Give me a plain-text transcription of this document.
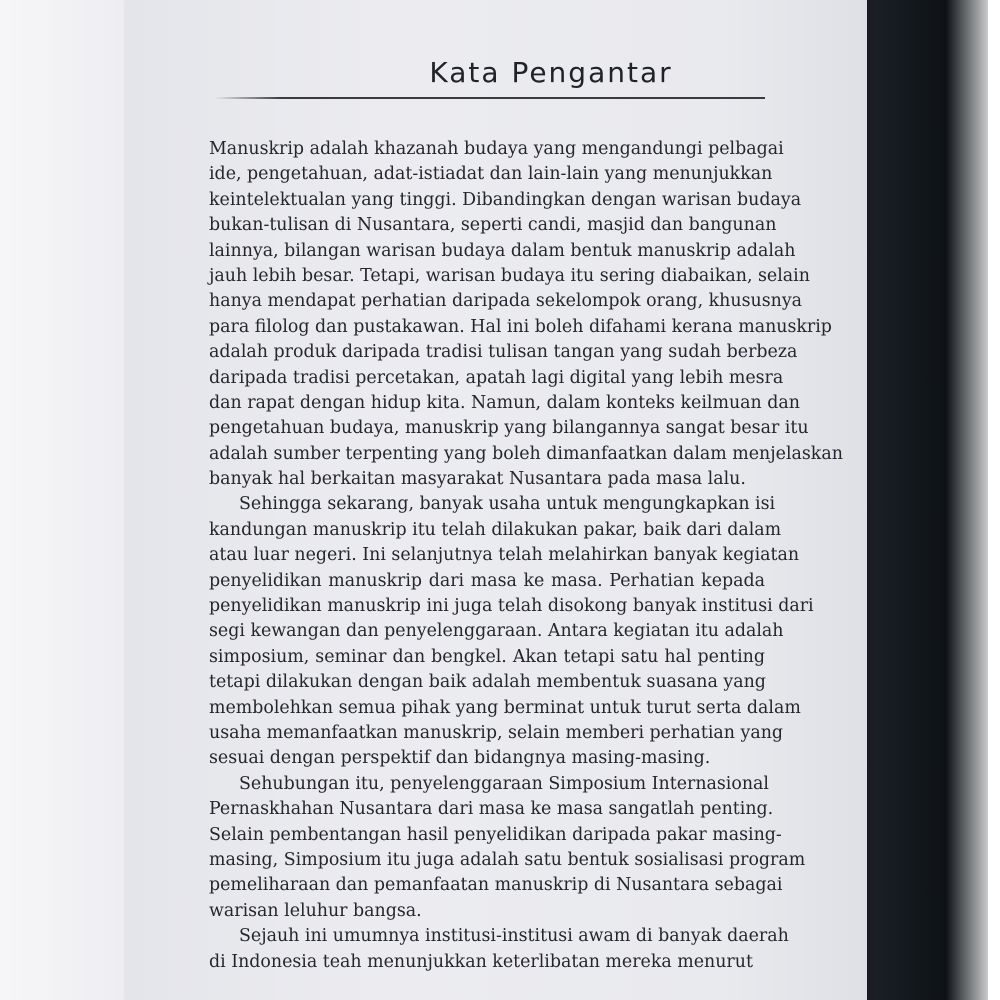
Kata Pengantar
Manuskrip adalah khazanah budaya yang mengandungi pelbagai
ide, pengetahuan, adat-istiadat dan lain-lain yang menunjukkan
keintelektualan yang tinggi. Dibandingkan dengan warisan budaya
bukan-tulisan di Nusantara, seperti candi, masjid dan bangunan
lainnya, bilangan warisan budaya dalam bentuk manuskrip adalah
jauh lebih besar. Tetapi, warisan budaya itu sering diabaikan, selain
hanya mendapat perhatian daripada sekelompok orang, khususnya
para filolog dan pustakawan. Hal ini boleh difahami kerana manuskrip
adalah produk daripada tradisi tulisan tangan yang sudah berbeza
daripada tradisi percetakan, apatah lagi digital yang lebih mesra
dan rapat dengan hidup kita. Namun, dalam konteks keilmuan dan
pengetahuan budaya, manuskrip yang bilangannya sangat besar itu
adalah sumber terpenting yang boleh dimanfaatkan dalam menjelaskan
banyak hal berkaitan masyarakat Nusantara pada masa lalu.
Sehingga sekarang, banyak usaha untuk mengungkapkan isi
kandungan manuskrip itu telah dilakukan pakar, baik dari dalam
atau luar negeri. Ini selanjutnya telah melahirkan banyak kegiatan
penyelidikan manuskrip dari masa ke masa. Perhatian kepada
penyelidikan manuskrip ini juga telah disokong banyak institusi dari
segi kewangan dan penyelenggaraan. Antara kegiatan itu adalah
simposium, seminar dan bengkel. Akan tetapi satu hal penting
tetapi dilakukan dengan baik adalah membentuk suasana yang
membolehkan semua pihak yang berminat untuk turut serta dalam
usaha memanfaatkan manuskrip, selain memberi perhatian yang
sesuai dengan perspektif dan bidangnya masing-masing.
Sehubungan itu, penyelenggaraan Simposium Internasional
Pernaskhahan Nusantara dari masa ke masa sangatlah penting.
Selain pembentangan hasil penyelidikan daripada pakar masing-
masing, Simposium itu juga adalah satu bentuk sosialisasi program
pemeliharaan dan pemanfaatan manuskrip di Nusantara sebagai
warisan leluhur bangsa.
Sejauh ini umumnya institusi-institusi awam di banyak daerah
di Indonesia teah menunjukkan keterlibatan mereka menurut
